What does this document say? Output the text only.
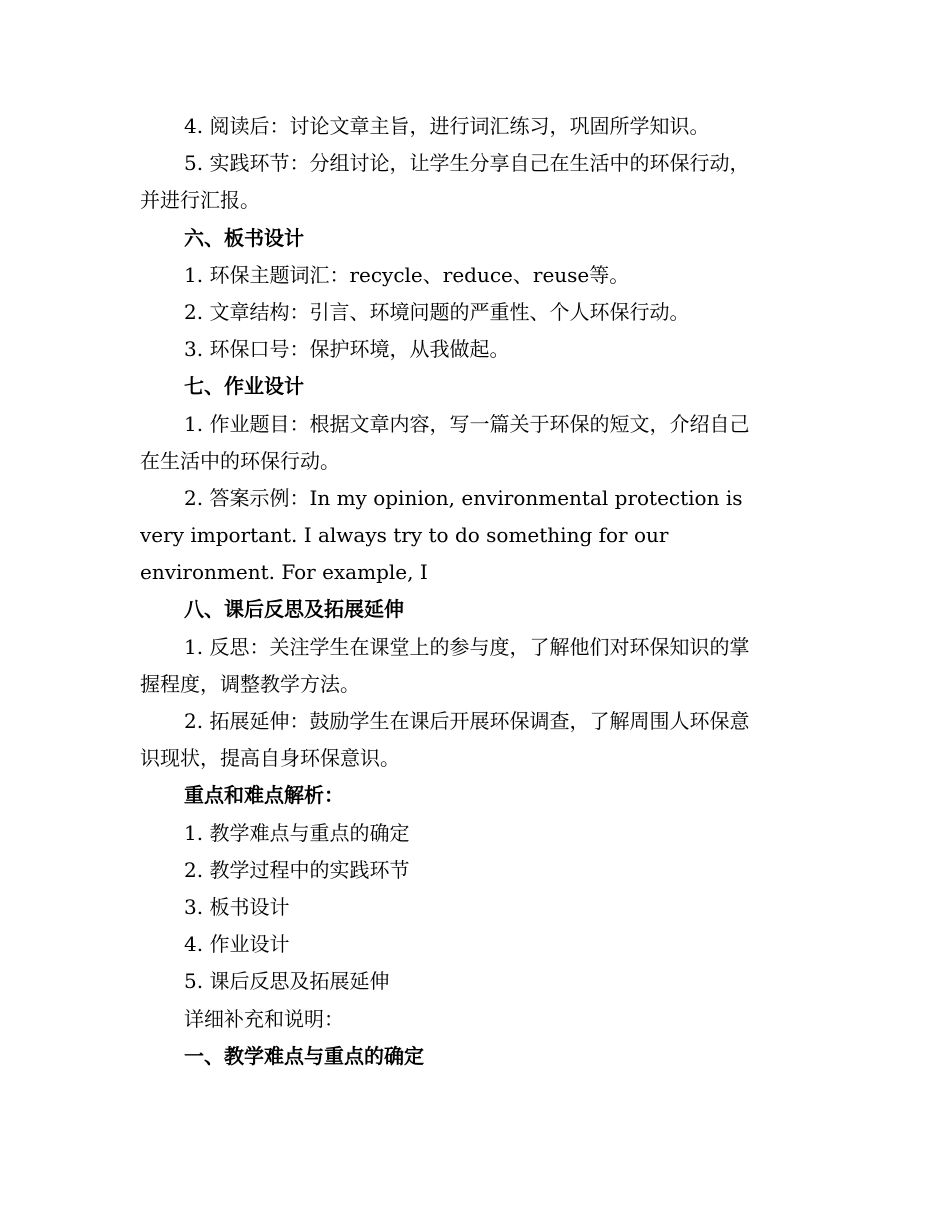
4. 阅读后：讨论文章主旨，进行词汇练习，巩固所学知识。
5. 实践环节：分组讨论，让学生分享自己在生活中的环保行动，
并进行汇报。
六、板书设计
1. 环保主题词汇：recycle、reduce、reuse等。
2. 文章结构：引言、环境问题的严重性、个人环保行动。
3. 环保口号：保护环境，从我做起。
七、作业设计
1. 作业题目：根据文章内容，写一篇关于环保的短文，介绍自己
在生活中的环保行动。
2. 答案示例：In my opinion, environmental protection is
very important. I always try to do something for our
environment. For example, I
八、课后反思及拓展延伸
1. 反思：关注学生在课堂上的参与度，了解他们对环保知识的掌
握程度，调整教学方法。
2. 拓展延伸：鼓励学生在课后开展环保调查，了解周围人环保意
识现状，提高自身环保意识。
重点和难点解析：
1. 教学难点与重点的确定
2. 教学过程中的实践环节
3. 板书设计
4. 作业设计
5. 课后反思及拓展延伸
详细补充和说明：
一、教学难点与重点的确定
